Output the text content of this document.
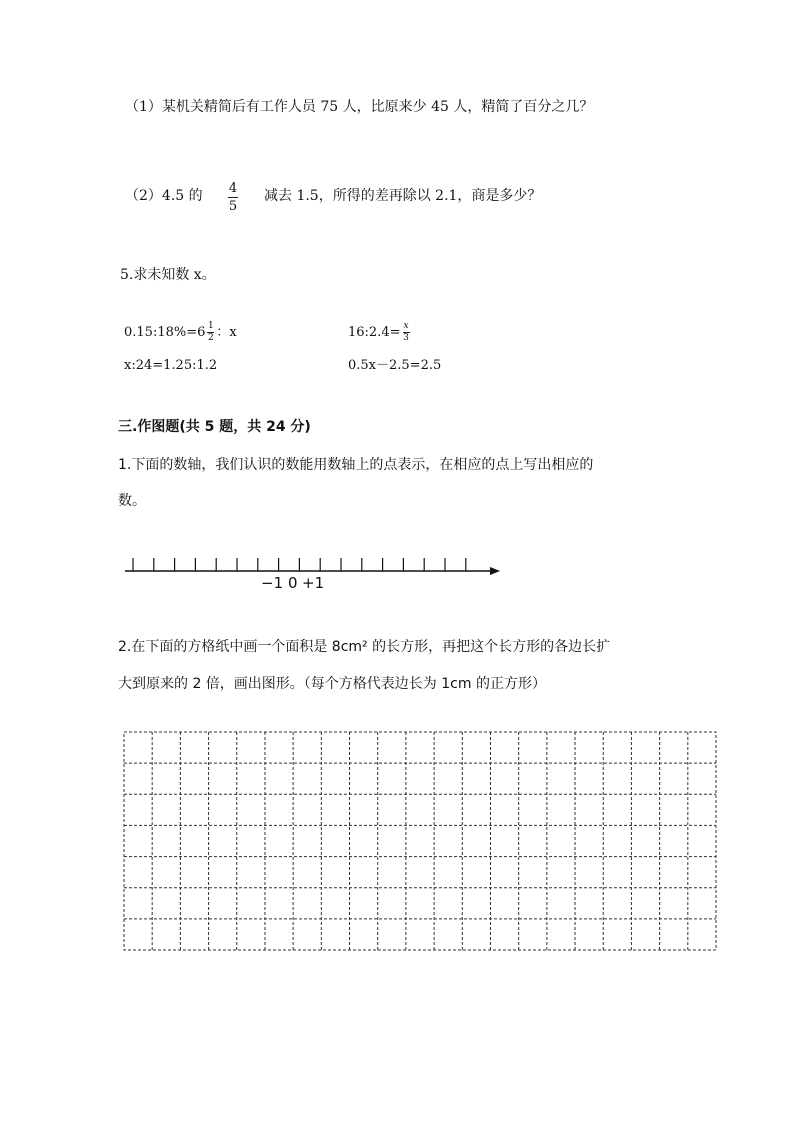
（1）某机关精简后有工作人员 75 人，比原来少 45 人，精简了百分之几？
（2）4.5 的 4
5
减去 1.5，所得的差再除以 2.1，商是多少？
5.求未知数 x。
0.15:18%=6 $\frac{1}{2}$ ：x	16:2.4= $\frac{x}{3}$
x:24=1.25:1.2	0.5x－2.5=2.5
三.作图题(共 5 题，共 24 分)
1.下面的数轴，我们认识的数能用数轴上的点表示，在相应的点上写出相应的
数。
−1 0 +1
2.在下面的方格纸中画一个面积是 8cm² 的长方形，再把这个长方形的各边长扩
大到原来的 2 倍，画出图形。（每个方格代表边长为 1cm 的正方形）
